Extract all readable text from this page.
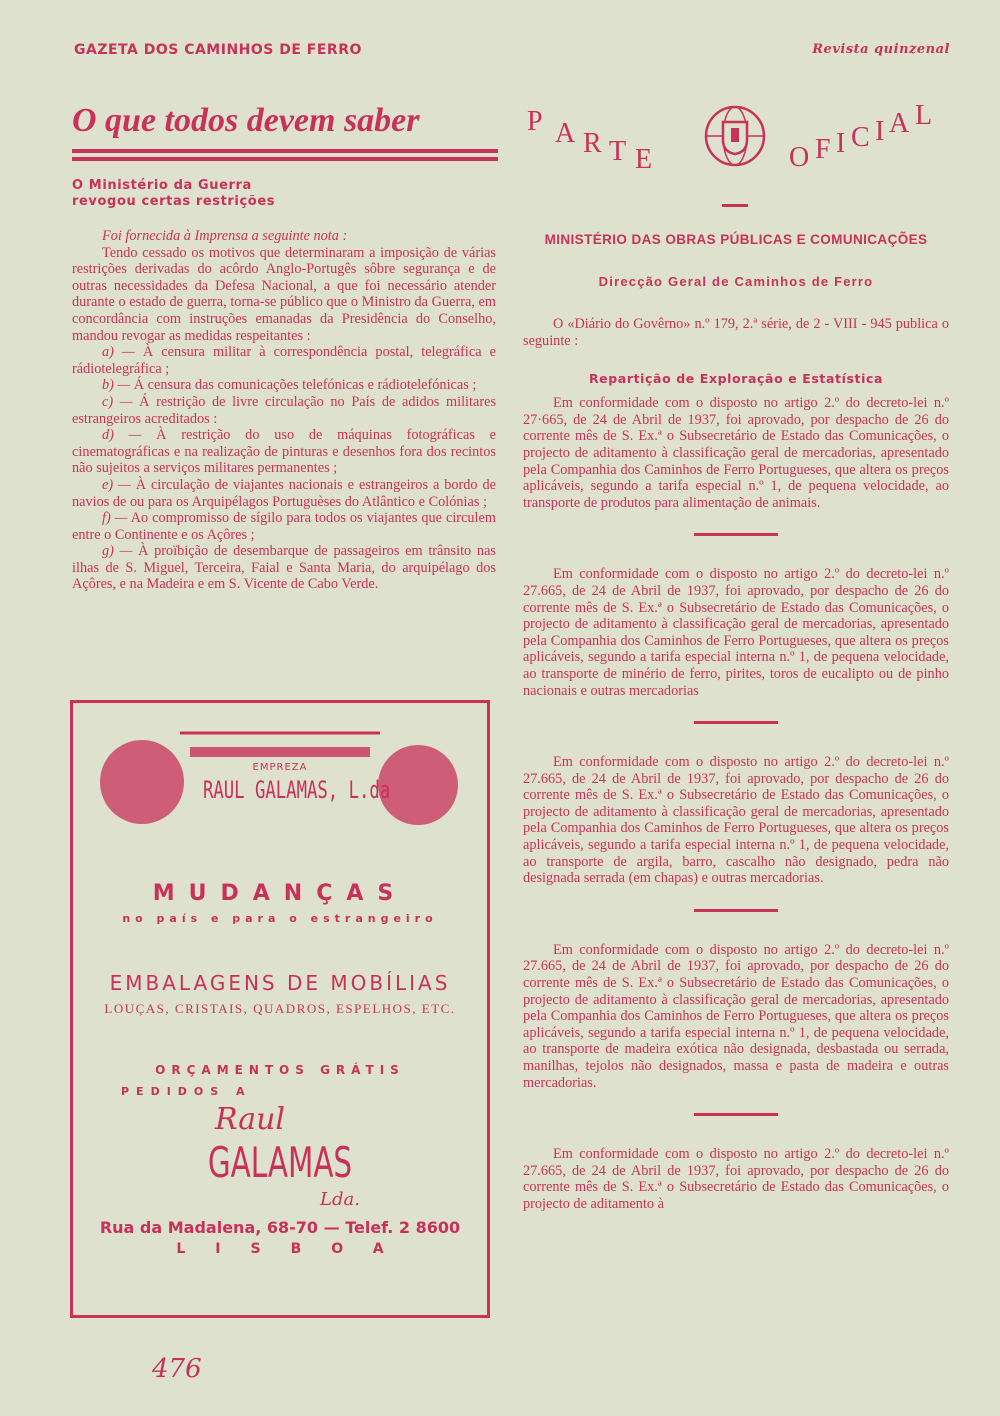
GAZETA DOS CAMINHOS DE FERRO	Revista quinzenal
O que todos devem saber	P A R T E	O F I C I A L
O Ministério da Guerra
revogou certas restrições

Foi fornecida à Imprensa a seguinte nota :

Tendo cessado os motivos que determinaram a imposição de várias restrições derivadas do acôrdo Anglo-Portugês sôbre segurança e de outras necessidades da Defesa Nacional, a que foi necessário atender durante o estado de guerra, torna-se público que o Ministro da Guerra, em concordância com instruções emanadas da Presidência do Conselho, mandou revogar as medidas respeitantes :

a) — À censura militar à correspondência postal, telegráfica e rádiotelegráfica ;

b) — Á censura das comunicações telefónicas e rádiotelefónicas ;

c) — Á restrição de livre circulação no País de adidos militares estrangeiros acreditados :

d) — À restrição do uso de máquinas fotográficas e cinematográficas e na realização de pinturas e desenhos fora dos recintos não sujeitos a serviços militares permanentes ;

e) — À circulação de viajantes nacionais e estrangeiros a bordo de navios de ou para os Arquipélagos Portuguèses do Atlântico e Colónias ;

f) — Ao compromisso de sígilo para todos os viajantes que circulem entre o Continente e os Açôres ;

g) — À proïbição de desembarque de passageiros em trânsito nas ilhas de S. Miguel, Terceira, Faial e Santa Maria, do arquipélago dos Açôres, e na Madeira e em S. Vicente de Cabo Verde.

EMPREZA
RAUL GALAMAS, L.da
MUDANÇAS
no país e para o estrangeiro
EMBALAGENS DE MOBÍLIAS
LOUÇAS, CRISTAIS, QUADROS, ESPELHOS, ETC.
ORÇAMENTOS GRÁTIS
PEDIDOS A
Raul
GALAMAS
Lda.
Rua da Madalena, 68-70 — Telef. 2 8600
LISBOA
476
MINISTÉRIO DAS OBRAS PÚBLICAS E COMUNICAÇÕES
Direcção Geral de Caminhos de Ferro

O «Diário do Govêrno» n.º 179, 2.ª série, de 2 - VIII - 945 publica o seguinte :

Repartição de Exploração e Estatística

Em conformidade com o disposto no artigo 2.º do decreto-lei n.º 27·665, de 24 de Abril de 1937, foi aprovado, por despacho de 26 do corrente mês de S. Ex.ª o Subsecretário de Estado das Comunicações, o projecto de aditamento à classificação geral de mercadorias, apresentado pela Companhia dos Caminhos de Ferro Portugueses, que altera os preços aplicáveis, segundo a tarifa especial n.º 1, de pequena velocidade, ao transporte de produtos para alimentação de animais.

Em conformidade com o disposto no artigo 2.º do decreto-lei n.º 27.665, de 24 de Abril de 1937, foi aprovado, por despacho de 26 do corrente mês de S. Ex.ª o Subsecretário de Estado das Comunicações, o projecto de aditamento à classificação geral de mercadorias, apresentado pela Companhia dos Caminhos de Ferro Portugueses, que altera os preços aplicáveis, segundo a tarifa especial interna n.º 1, de pequena velocidade, ao transporte de minério de ferro, pirites, toros de eucalipto ou de pinho nacionais e outras mercadorias

Em conformidade com o disposto no artigo 2.º do decreto-lei n.º 27.665, de 24 de Abril de 1937, foi aprovado, por despacho de 26 do corrente mês de S. Ex.ª o Subsecretário de Estado das Comunicações, o projecto de aditamento à classificação geral de mercadorias, apresentado pela Companhia dos Caminhos de Ferro Portugueses, que altera os preços aplicáveis, segundo a tarifa especial interna n.º 1, de pequena velocidade, ao transporte de argila, barro, cascalho não designado, pedra não designada serrada (em chapas) e outras mercadorias.

Em conformidade com o disposto no artigo 2.º do decreto-lei n.º 27.665, de 24 de Abril de 1937, foi aprovado, por despacho de 26 do corrente mês de S. Ex.ª o Subsecretário de Estado das Comunicações, o projecto de aditamento à classificação geral de mercadorias, apresentado pela Companhia dos Caminhos de Ferro Portugueses, que altera os preços aplicáveis, segundo a tarifa especial interna n.º 1, de pequena velocidade, ao transporte de madeira exótica não designada, desbastada ou serrada, manilhas, tejolos não designados, massa e pasta de madeira e outras mercadorias.

Em conformidade com o disposto no artigo 2.º do decreto-lei n.º 27.665, de 24 de Abril de 1937, foi aprovado, por despacho de 26 do corrente mês de S. Ex.ª o Subsecretário de Estado das Comunicações, o projecto de aditamento à
